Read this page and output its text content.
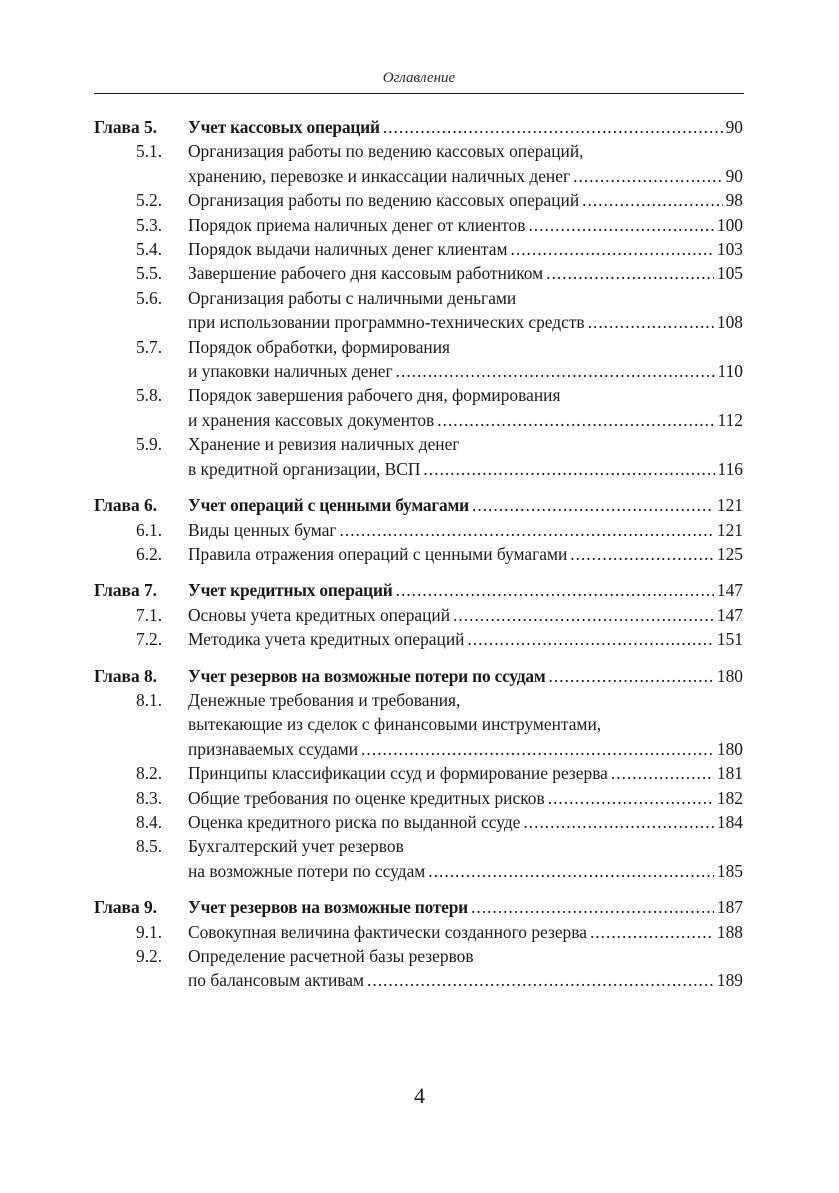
Оглавление
Глава 5.	Учет кассовых операций .....	90
5.1.	Организация работы по ведению кассовых операций,
хранению, перевозке и инкассации наличных денег .....	90
5.2.	Организация работы по ведению кассовых операций .....	98
5.3.	Порядок приема наличных денег от клиентов .....	100
5.4.	Порядок выдачи наличных денег клиентам .....	103
5.5.	Завершение рабочего дня кассовым работником .....	105
5.6.	Организация работы с наличными деньгами
при использовании программно-технических средств .....	108
5.7.	Порядок обработки, формирования
и упаковки наличных денег .....	110
5.8.	Порядок завершения рабочего дня, формирования
и хранения кассовых документов .....	112
5.9.	Хранение и ревизия наличных денег
в кредитной организации, ВСП .....	116
Глава 6.	Учет операций с ценными бумагами .....	121
6.1.	Виды ценных бумаг .....	121
6.2.	Правила отражения операций с ценными бумагами .....	125
Глава 7.	Учет кредитных операций .....	147
7.1.	Основы учета кредитных операций .....	147
7.2.	Методика учета кредитных операций .....	151
Глава 8.	Учет резервов на возможные потери по ссудам .....	180
8.1.	Денежные требования и требования,
вытекающие из сделок с финансовыми инструментами,
признаваемых ссудами .....	180
8.2.	Принципы классификации ссуд и формирование резерва .....	181
8.3.	Общие требования по оценке кредитных рисков .....	182
8.4.	Оценка кредитного риска по выданной ссуде .....	184
8.5.	Бухгалтерский учет резервов
на возможные потери по ссудам .....	185
Глава 9.	Учет резервов на возможные потери .....	187
9.1.	Совокупная величина фактически созданного резерва .....	188
9.2.	Определение расчетной базы резервов
по балансовым активам .....	189
4
